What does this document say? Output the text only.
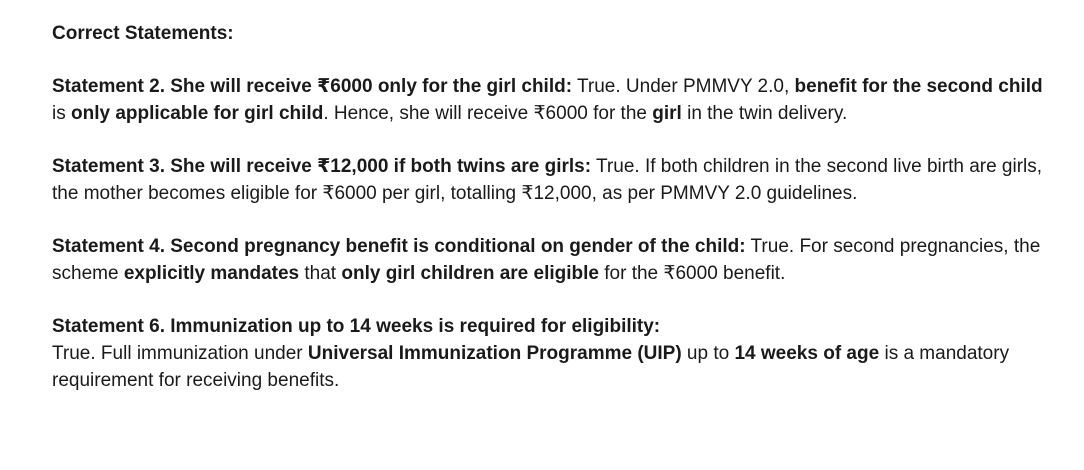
Correct Statements:

Statement 2. She will receive ₹6000 only for the girl child: True. Under PMMVY 2.0, benefit for the second child is only applicable for girl child. Hence, she will receive ₹6000 for the girl in the twin delivery.

Statement 3. She will receive ₹12,000 if both twins are girls: True. If both children in the second live birth are girls, the mother becomes eligible for ₹6000 per girl, totalling ₹12,000, as per PMMVY 2.0 guidelines.

Statement 4. Second pregnancy benefit is conditional on gender of the child: True. For second pregnancies, the scheme explicitly mandates that only girl children are eligible for the ₹6000 benefit.

Statement 6. Immunization up to 14 weeks is required for eligibility:
True. Full immunization under Universal Immunization Programme (UIP) up to 14 weeks of age is a mandatory requirement for receiving benefits.
